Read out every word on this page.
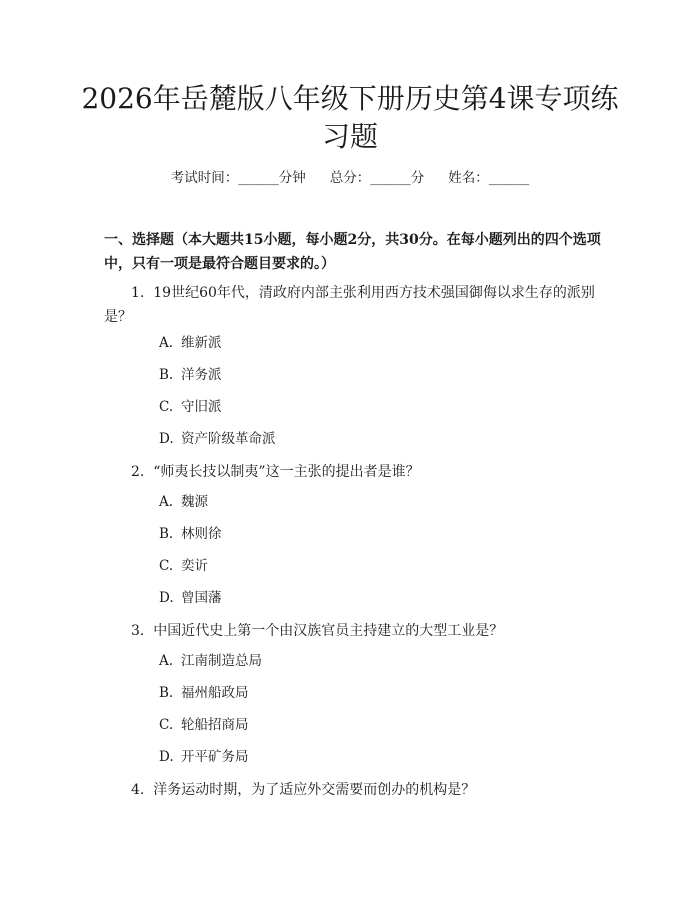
2026年岳麓版八年级下册历史第4课专项练习题
考试时间：______分钟 总分：______分 姓名：______

一、选择题（本大题共15小题，每小题2分，共30分。在每小题列出的四个选项中，只有一项是最符合题目要求的。）

1. 19世纪60年代，清政府内部主张利用西方技术强国御侮以求生存的派别是？
A. 维新派
B. 洋务派
C. 守旧派
D. 资产阶级革命派
2. “师夷长技以制夷”这一主张的提出者是谁？
A. 魏源
B. 林则徐
C. 奕䜣
D. 曾国藩
3. 中国近代史上第一个由汉族官员主持建立的大型工业是？
A. 江南制造总局
B. 福州船政局
C. 轮船招商局
D. 开平矿务局
4. 洋务运动时期，为了适应外交需要而创办的机构是？
